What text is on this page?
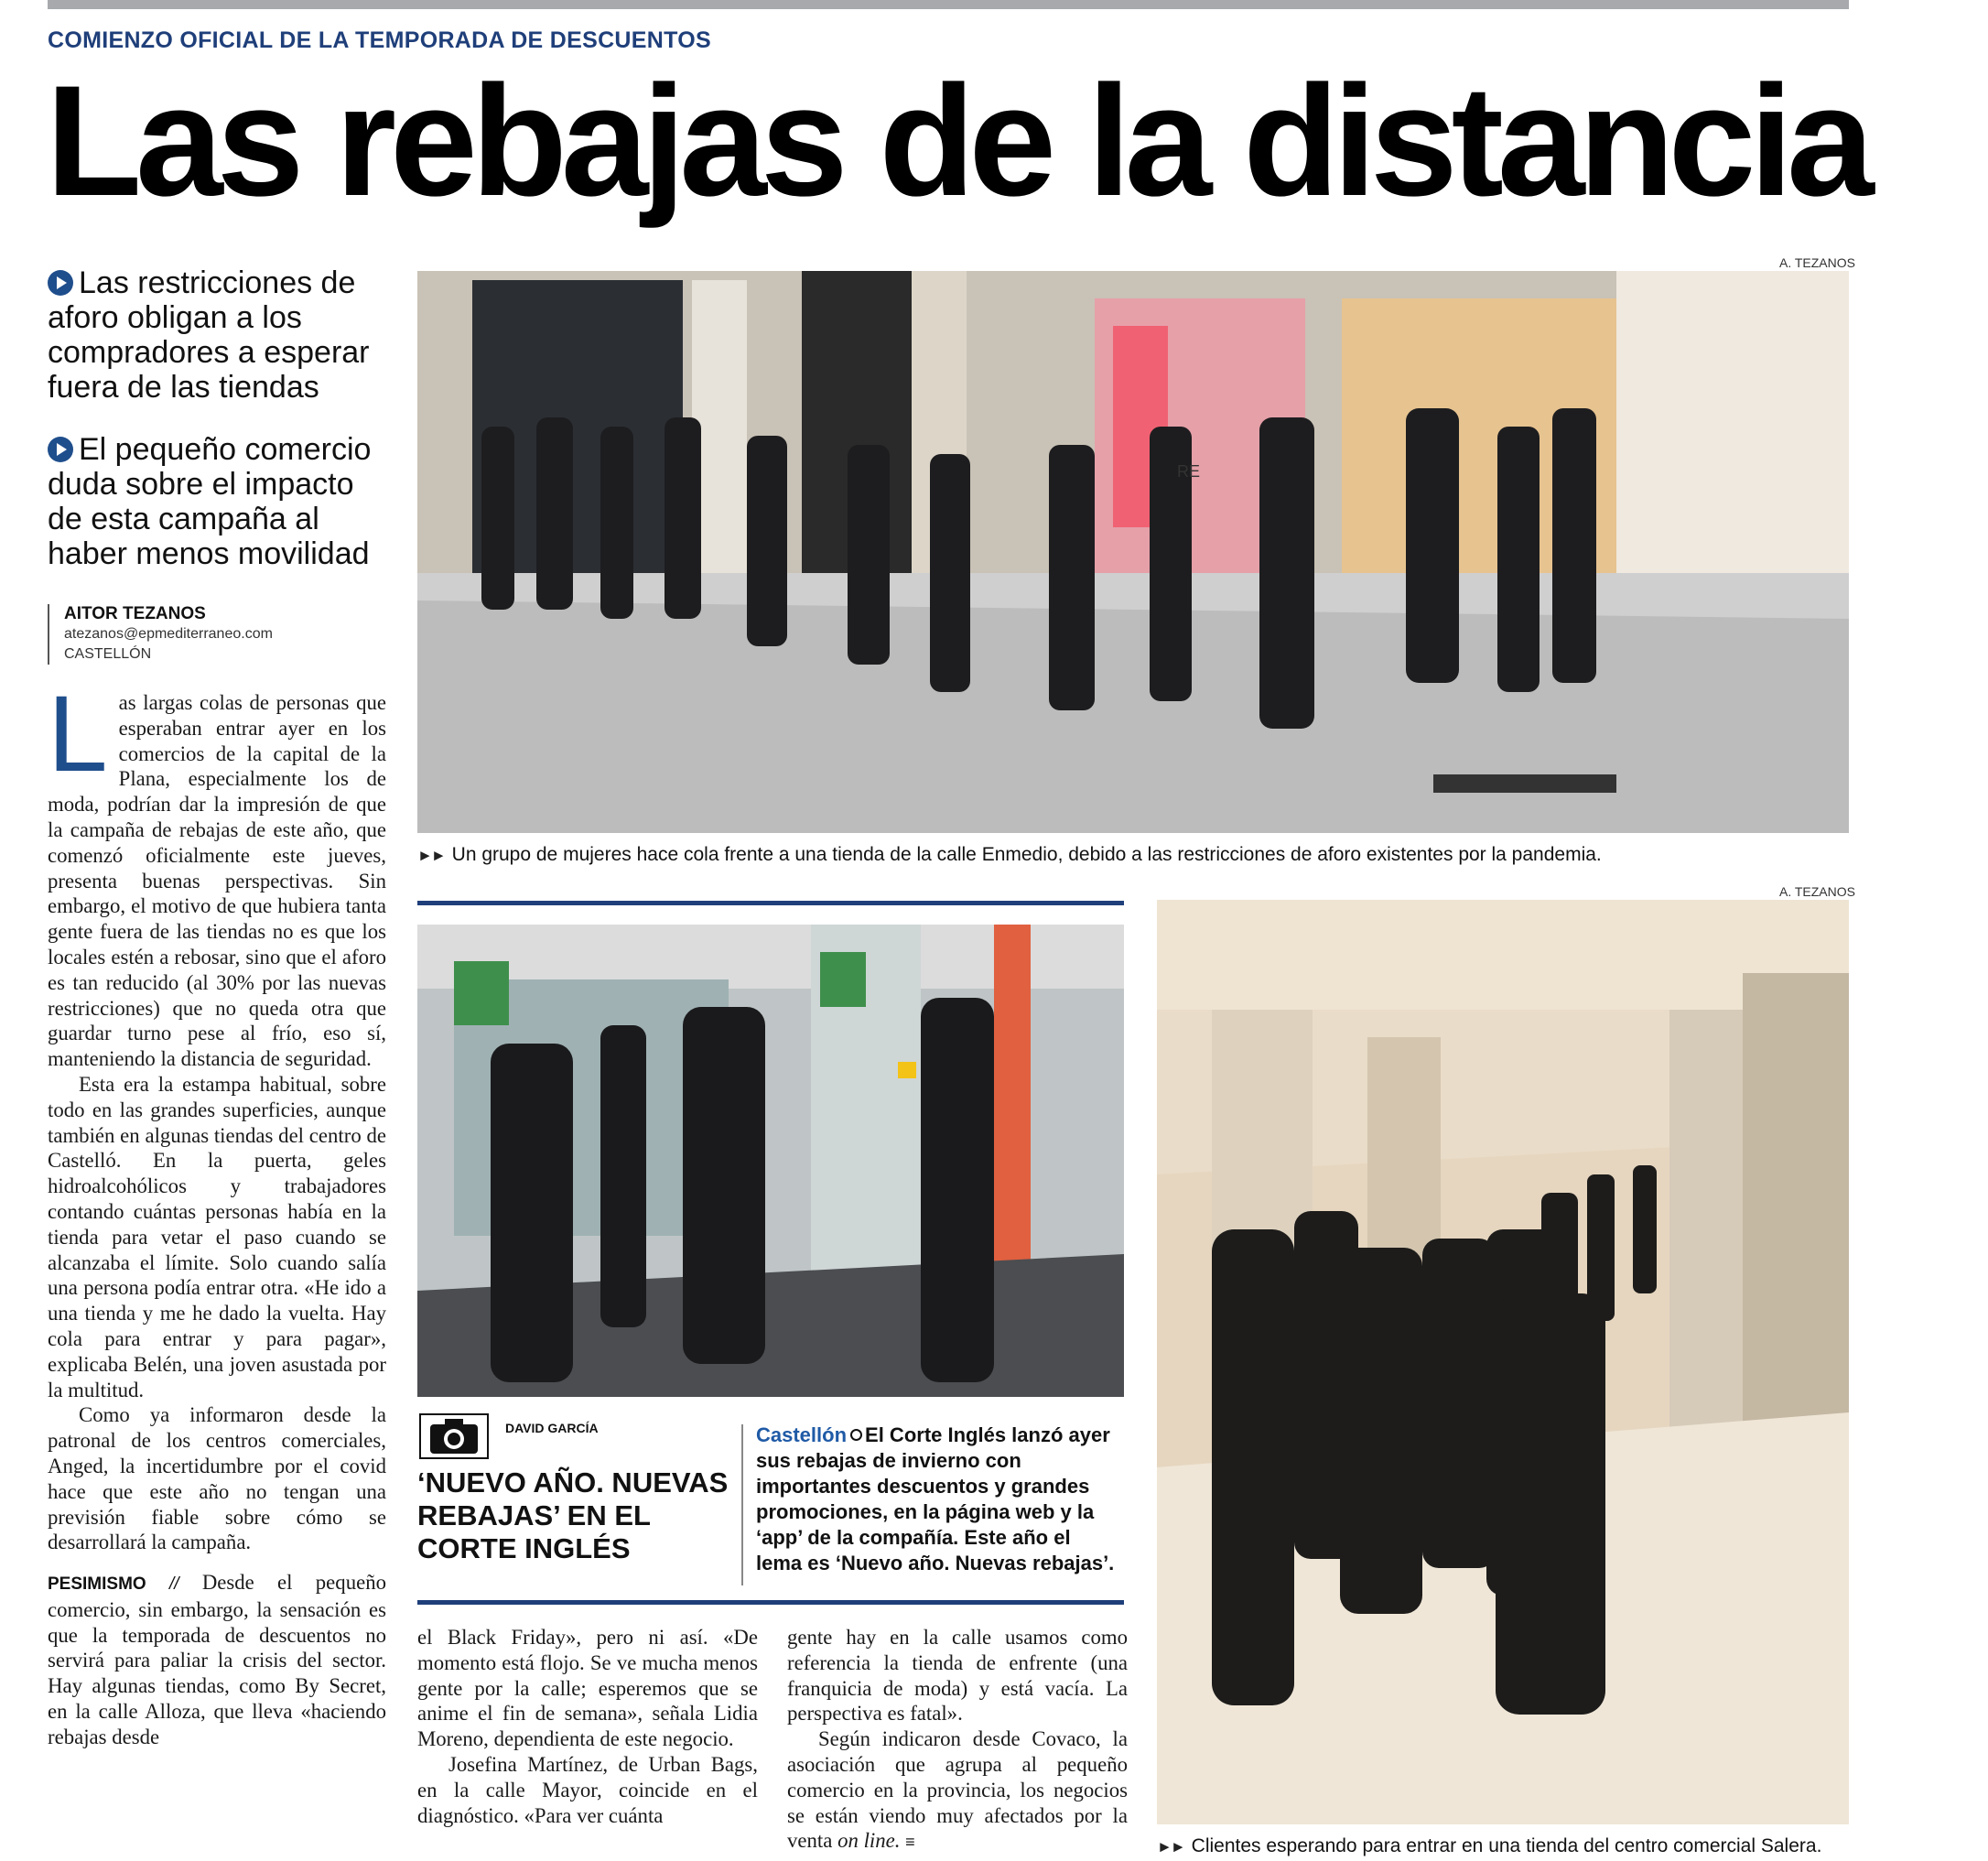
COMIENZO OFICIAL DE LA TEMPORADA DE DESCUENTOS
Las rebajas de la distancia
Las restricciones de aforo obligan a los compradores a esperar fuera de las tiendas
El pequeño comercio duda sobre el impacto de esta campaña al haber menos movilidad
AITOR TEZANOS
atezanos@epmediterraneo.com
CASTELLÓN

Las largas colas de personas que esperaban entrar ayer en los comercios de la capital de la Plana, especialmente los de moda, podrían dar la impresión de que la campaña de rebajas de este año, que comenzó oficialmente este jueves, presenta buenas perspectivas. Sin embargo, el motivo de que hubiera tanta gente fuera de las tiendas no es que los locales estén a rebosar, sino que el aforo es tan reducido (al 30% por las nuevas restricciones) que no queda otra que guardar turno pese al frío, eso sí, manteniendo la distancia de seguridad.

Esta era la estampa habitual, sobre todo en las grandes superficies, aunque también en algunas tiendas del centro de Castelló. En la puerta, geles hidroalcohólicos y trabajadores contando cuántas personas había en la tienda para vetar el paso cuando se alcanzaba el límite. Solo cuando salía una persona podía entrar otra. «He ido a una tienda y me he dado la vuelta. Hay cola para entrar y para pagar», explicaba Belén, una joven asustada por la multitud.

Como ya informaron desde la patronal de los centros comerciales, Anged, la incertidumbre por el covid hace que este año no tengan una previsión fiable sobre cómo se desarrollará la campaña.

PESIMISMO // Desde el pequeño comercio, sin embargo, la sensación es que la temporada de descuentos no servirá para paliar la crisis del sector. Hay algunas tiendas, como By Secret, en la calle Alloza, que lleva «haciendo rebajas desde

el Black Friday», pero ni así. «De momento está flojo. Se ve mucha menos gente por la calle; esperemos que se anime el fin de semana», señala Lidia Moreno, dependienta de este negocio.

Josefina Martínez, de Urban Bags, en la calle Mayor, coincide en el diagnóstico. «Para ver cuánta

gente hay en la calle usamos como referencia la tienda de enfrente (una franquicia de moda) y está vacía. La perspectiva es fatal».

Según indicaron desde Covaco, la asociación que agrupa al pequeño comercio en la provincia, los negocios se están viendo muy afectados por la venta on line. ≡

A. TEZANOS
RE
►► Un grupo de mujeres hace cola frente a una tienda de la calle Enmedio, debido a las restricciones de aforo existentes por la pandemia.
DAVID GARCÍA
‘NUEVO AÑO. NUEVAS REBAJAS’ EN EL CORTE INGLÉS
Castellón El Corte Inglés lanzó ayer sus rebajas de invierno con importantes descuentos y grandes promociones, en la página web y la ‘app’ de la compañía. Este año el lema es ‘Nuevo año. Nuevas rebajas’.
A. TEZANOS
►► Clientes esperando para entrar en una tienda del centro comercial Salera.
